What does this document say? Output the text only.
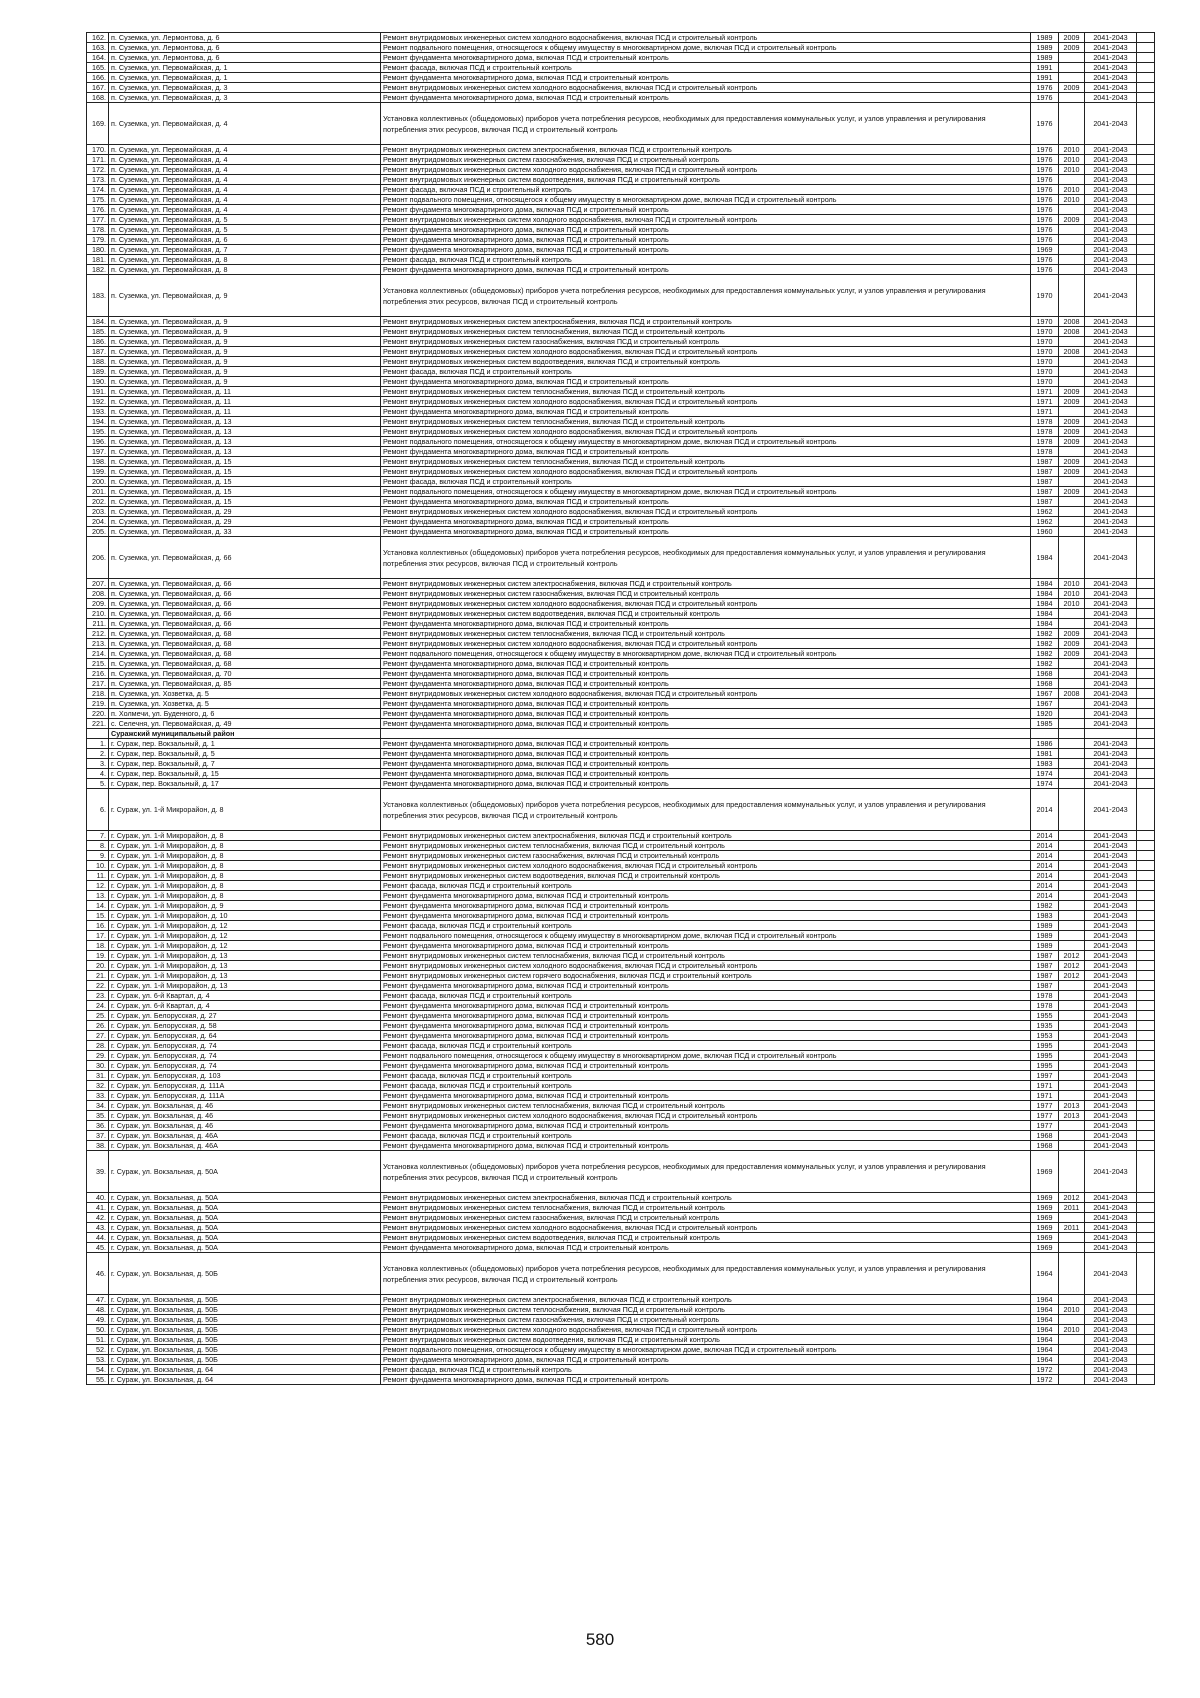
162.	п. Суземка, ул. Лермонтова, д. 6	Ремонт внутридомовых инженерных систем холодного водоснабжения, включая ПСД и строительный контроль	1989	2009	2041-2043	
163.	п. Суземка, ул. Лермонтова, д. 6	Ремонт подвального помещения, относящегося к общему имуществу в многоквартирном доме, включая ПСД и строительный контроль	1989	2009	2041-2043	
164.	п. Суземка, ул. Лермонтова, д. 6	Ремонт фундамента многоквартирного дома, включая ПСД и строительный контроль	1989		2041-2043	
165.	п. Суземка, ул. Первомайская, д. 1	Ремонт фасада, включая ПСД и строительный контроль	1991		2041-2043	
166.	п. Суземка, ул. Первомайская, д. 1	Ремонт фундамента многоквартирного дома, включая ПСД и строительный контроль	1991		2041-2043	
167.	п. Суземка, ул. Первомайская, д. 3	Ремонт внутридомовых инженерных систем холодного водоснабжения, включая ПСД и строительный контроль	1976	2009	2041-2043	
168.	п. Суземка, ул. Первомайская, д. 3	Ремонт фундамента многоквартирного дома, включая ПСД и строительный контроль	1976		2041-2043	
169.	п. Суземка, ул. Первомайская, д. 4	Установка коллективных (общедомовых) приборов учета потребления ресурсов, необходимых для предоставления коммунальных услуг, и узлов управления и регулирования потребления этих ресурсов, включая ПСД и строительный контроль	1976		2041-2043	
170.	п. Суземка, ул. Первомайская, д. 4	Ремонт внутридомовых инженерных систем электроснабжения, включая ПСД и строительный контроль	1976	2010	2041-2043	
171.	п. Суземка, ул. Первомайская, д. 4	Ремонт внутридомовых инженерных систем газоснабжения, включая ПСД и строительный контроль	1976	2010	2041-2043	
172.	п. Суземка, ул. Первомайская, д. 4	Ремонт внутридомовых инженерных систем холодного водоснабжения, включая ПСД и строительный контроль	1976	2010	2041-2043	
173.	п. Суземка, ул. Первомайская, д. 4	Ремонт внутридомовых инженерных систем водоотведения, включая ПСД и строительный контроль	1976		2041-2043	
174.	п. Суземка, ул. Первомайская, д. 4	Ремонт фасада, включая ПСД и строительный контроль	1976	2010	2041-2043	
175.	п. Суземка, ул. Первомайская, д. 4	Ремонт подвального помещения, относящегося к общему имуществу в многоквартирном доме, включая ПСД и строительный контроль	1976	2010	2041-2043	
176.	п. Суземка, ул. Первомайская, д. 4	Ремонт фундамента многоквартирного дома, включая ПСД и строительный контроль	1976		2041-2043	
177.	п. Суземка, ул. Первомайская, д. 5	Ремонт внутридомовых инженерных систем холодного водоснабжения, включая ПСД и строительный контроль	1976	2009	2041-2043	
178.	п. Суземка, ул. Первомайская, д. 5	Ремонт фундамента многоквартирного дома, включая ПСД и строительный контроль	1976		2041-2043	
179.	п. Суземка, ул. Первомайская, д. 6	Ремонт фундамента многоквартирного дома, включая ПСД и строительный контроль	1976		2041-2043	
180.	п. Суземка, ул. Первомайская, д. 7	Ремонт фундамента многоквартирного дома, включая ПСД и строительный контроль	1969		2041-2043	
181.	п. Суземка, ул. Первомайская, д. 8	Ремонт фасада, включая ПСД и строительный контроль	1976		2041-2043	
182.	п. Суземка, ул. Первомайская, д. 8	Ремонт фундамента многоквартирного дома, включая ПСД и строительный контроль	1976		2041-2043	
183.	п. Суземка, ул. Первомайская, д. 9	Установка коллективных (общедомовых) приборов учета потребления ресурсов, необходимых для предоставления коммунальных услуг, и узлов управления и регулирования потребления этих ресурсов, включая ПСД и строительный контроль	1970		2041-2043	
184.	п. Суземка, ул. Первомайская, д. 9	Ремонт внутридомовых инженерных систем электроснабжения, включая ПСД и строительный контроль	1970	2008	2041-2043	
185.	п. Суземка, ул. Первомайская, д. 9	Ремонт внутридомовых инженерных систем теплоснабжения, включая ПСД и строительный контроль	1970	2008	2041-2043	
186.	п. Суземка, ул. Первомайская, д. 9	Ремонт внутридомовых инженерных систем газоснабжения, включая ПСД и строительный контроль	1970		2041-2043	
187.	п. Суземка, ул. Первомайская, д. 9	Ремонт внутридомовых инженерных систем холодного водоснабжения, включая ПСД и строительный контроль	1970	2008	2041-2043	
188.	п. Суземка, ул. Первомайская, д. 9	Ремонт внутридомовых инженерных систем водоотведения, включая ПСД и строительный контроль	1970		2041-2043	
189.	п. Суземка, ул. Первомайская, д. 9	Ремонт фасада, включая ПСД и строительный контроль	1970		2041-2043	
190.	п. Суземка, ул. Первомайская, д. 9	Ремонт фундамента многоквартирного дома, включая ПСД и строительный контроль	1970		2041-2043	
191.	п. Суземка, ул. Первомайская, д. 11	Ремонт внутридомовых инженерных систем теплоснабжения, включая ПСД и строительный контроль	1971	2009	2041-2043	
192.	п. Суземка, ул. Первомайская, д. 11	Ремонт внутридомовых инженерных систем холодного водоснабжения, включая ПСД и строительный контроль	1971	2009	2041-2043	
193.	п. Суземка, ул. Первомайская, д. 11	Ремонт фундамента многоквартирного дома, включая ПСД и строительный контроль	1971		2041-2043	
194.	п. Суземка, ул. Первомайская, д. 13	Ремонт внутридомовых инженерных систем теплоснабжения, включая ПСД и строительный контроль	1978	2009	2041-2043	
195.	п. Суземка, ул. Первомайская, д. 13	Ремонт внутридомовых инженерных систем холодного водоснабжения, включая ПСД и строительный контроль	1978	2009	2041-2043	
196.	п. Суземка, ул. Первомайская, д. 13	Ремонт подвального помещения, относящегося к общему имуществу в многоквартирном доме, включая ПСД и строительный контроль	1978	2009	2041-2043	
197.	п. Суземка, ул. Первомайская, д. 13	Ремонт фундамента многоквартирного дома, включая ПСД и строительный контроль	1978		2041-2043	
198.	п. Суземка, ул. Первомайская, д. 15	Ремонт внутридомовых инженерных систем теплоснабжения, включая ПСД и строительный контроль	1987	2009	2041-2043	
199.	п. Суземка, ул. Первомайская, д. 15	Ремонт внутридомовых инженерных систем холодного водоснабжения, включая ПСД и строительный контроль	1987	2009	2041-2043	
200.	п. Суземка, ул. Первомайская, д. 15	Ремонт фасада, включая ПСД и строительный контроль	1987		2041-2043	
201.	п. Суземка, ул. Первомайская, д. 15	Ремонт подвального помещения, относящегося к общему имуществу в многоквартирном доме, включая ПСД и строительный контроль	1987	2009	2041-2043	
202.	п. Суземка, ул. Первомайская, д. 15	Ремонт фундамента многоквартирного дома, включая ПСД и строительный контроль	1987		2041-2043	
203.	п. Суземка, ул. Первомайская, д. 29	Ремонт внутридомовых инженерных систем холодного водоснабжения, включая ПСД и строительный контроль	1962		2041-2043	
204.	п. Суземка, ул. Первомайская, д. 29	Ремонт фундамента многоквартирного дома, включая ПСД и строительный контроль	1962		2041-2043	
205.	п. Суземка, ул. Первомайская, д. 33	Ремонт фундамента многоквартирного дома, включая ПСД и строительный контроль	1960		2041-2043	
206.	п. Суземка, ул. Первомайская, д. 66	Установка коллективных (общедомовых) приборов учета потребления ресурсов, необходимых для предоставления коммунальных услуг, и узлов управления и регулирования потребления этих ресурсов, включая ПСД и строительный контроль	1984		2041-2043	
207.	п. Суземка, ул. Первомайская, д. 66	Ремонт внутридомовых инженерных систем электроснабжения, включая ПСД и строительный контроль	1984	2010	2041-2043	
208.	п. Суземка, ул. Первомайская, д. 66	Ремонт внутридомовых инженерных систем газоснабжения, включая ПСД и строительный контроль	1984	2010	2041-2043	
209.	п. Суземка, ул. Первомайская, д. 66	Ремонт внутридомовых инженерных систем холодного водоснабжения, включая ПСД и строительный контроль	1984	2010	2041-2043	
210.	п. Суземка, ул. Первомайская, д. 66	Ремонт внутридомовых инженерных систем водоотведения, включая ПСД и строительный контроль	1984		2041-2043	
211.	п. Суземка, ул. Первомайская, д. 66	Ремонт фундамента многоквартирного дома, включая ПСД и строительный контроль	1984		2041-2043	
212.	п. Суземка, ул. Первомайская, д. 68	Ремонт внутридомовых инженерных систем теплоснабжения, включая ПСД и строительный контроль	1982	2009	2041-2043	
213.	п. Суземка, ул. Первомайская, д. 68	Ремонт внутридомовых инженерных систем холодного водоснабжения, включая ПСД и строительный контроль	1982	2009	2041-2043	
214.	п. Суземка, ул. Первомайская, д. 68	Ремонт подвального помещения, относящегося к общему имуществу в многоквартирном доме, включая ПСД и строительный контроль	1982	2009	2041-2043	
215.	п. Суземка, ул. Первомайская, д. 68	Ремонт фундамента многоквартирного дома, включая ПСД и строительный контроль	1982		2041-2043	
216.	п. Суземка, ул. Первомайская, д. 70	Ремонт фундамента многоквартирного дома, включая ПСД и строительный контроль	1968		2041-2043	
217.	п. Суземка, ул. Первомайская, д. 85	Ремонт фундамента многоквартирного дома, включая ПСД и строительный контроль	1968		2041-2043	
218.	п. Суземка, ул. Хозветка, д. 5	Ремонт внутридомовых инженерных систем холодного водоснабжения, включая ПСД и строительный контроль	1967	2008	2041-2043	
219.	п. Суземка, ул. Хозветка, д. 5	Ремонт фундамента многоквартирного дома, включая ПСД и строительный контроль	1967		2041-2043	
220.	п. Холмечи, ул. Буденного, д. 6	Ремонт фундамента многоквартирного дома, включая ПСД и строительный контроль	1920		2041-2043	
221.	с. Селечня, ул. Первомайская, д. 49	Ремонт фундамента многоквартирного дома, включая ПСД и строительный контроль	1985		2041-2043	
	Суражский муниципальный район					
1.	г. Сураж, пер. Вокзальный, д. 1	Ремонт фундамента многоквартирного дома, включая ПСД и строительный контроль	1986		2041-2043	
2.	г. Сураж, пер. Вокзальный, д. 5	Ремонт фундамента многоквартирного дома, включая ПСД и строительный контроль	1981		2041-2043	
3.	г. Сураж, пер. Вокзальный, д. 7	Ремонт фундамента многоквартирного дома, включая ПСД и строительный контроль	1983		2041-2043	
4.	г. Сураж, пер. Вокзальный, д. 15	Ремонт фундамента многоквартирного дома, включая ПСД и строительный контроль	1974		2041-2043	
5.	г. Сураж, пер. Вокзальный, д. 17	Ремонт фундамента многоквартирного дома, включая ПСД и строительный контроль	1974		2041-2043	
6.	г. Сураж, ул. 1-й Микрорайон, д. 8	Установка коллективных (общедомовых) приборов учета потребления ресурсов, необходимых для предоставления коммунальных услуг, и узлов управления и регулирования потребления этих ресурсов, включая ПСД и строительный контроль	2014		2041-2043	
7.	г. Сураж, ул. 1-й Микрорайон, д. 8	Ремонт внутридомовых инженерных систем электроснабжения, включая ПСД и строительный контроль	2014		2041-2043	
8.	г. Сураж, ул. 1-й Микрорайон, д. 8	Ремонт внутридомовых инженерных систем теплоснабжения, включая ПСД и строительный контроль	2014		2041-2043	
9.	г. Сураж, ул. 1-й Микрорайон, д. 8	Ремонт внутридомовых инженерных систем газоснабжения, включая ПСД и строительный контроль	2014		2041-2043	
10.	г. Сураж, ул. 1-й Микрорайон, д. 8	Ремонт внутридомовых инженерных систем холодного водоснабжения, включая ПСД и строительный контроль	2014		2041-2043	
11.	г. Сураж, ул. 1-й Микрорайон, д. 8	Ремонт внутридомовых инженерных систем водоотведения, включая ПСД и строительный контроль	2014		2041-2043	
12.	г. Сураж, ул. 1-й Микрорайон, д. 8	Ремонт фасада, включая ПСД и строительный контроль	2014		2041-2043	
13.	г. Сураж, ул. 1-й Микрорайон, д. 8	Ремонт фундамента многоквартирного дома, включая ПСД и строительный контроль	2014		2041-2043	
14.	г. Сураж, ул. 1-й Микрорайон, д. 9	Ремонт фундамента многоквартирного дома, включая ПСД и строительный контроль	1982		2041-2043	
15.	г. Сураж, ул. 1-й Микрорайон, д. 10	Ремонт фундамента многоквартирного дома, включая ПСД и строительный контроль	1983		2041-2043	
16.	г. Сураж, ул. 1-й Микрорайон, д. 12	Ремонт фасада, включая ПСД и строительный контроль	1989		2041-2043	
17.	г. Сураж, ул. 1-й Микрорайон, д. 12	Ремонт подвального помещения, относящегося к общему имуществу в многоквартирном доме, включая ПСД и строительный контроль	1989		2041-2043	
18.	г. Сураж, ул. 1-й Микрорайон, д. 12	Ремонт фундамента многоквартирного дома, включая ПСД и строительный контроль	1989		2041-2043	
19.	г. Сураж, ул. 1-й Микрорайон, д. 13	Ремонт внутридомовых инженерных систем теплоснабжения, включая ПСД и строительный контроль	1987	2012	2041-2043	
20.	г. Сураж, ул. 1-й Микрорайон, д. 13	Ремонт внутридомовых инженерных систем холодного водоснабжения, включая ПСД и строительный контроль	1987	2012	2041-2043	
21.	г. Сураж, ул. 1-й Микрорайон, д. 13	Ремонт внутридомовых инженерных систем горячего водоснабжения, включая ПСД и строительный контроль	1987	2012	2041-2043	
22.	г. Сураж, ул. 1-й Микрорайон, д. 13	Ремонт фундамента многоквартирного дома, включая ПСД и строительный контроль	1987		2041-2043	
23.	г. Сураж, ул. 6-й Квартал, д. 4	Ремонт фасада, включая ПСД и строительный контроль	1978		2041-2043	
24.	г. Сураж, ул. 6-й Квартал, д. 4	Ремонт фундамента многоквартирного дома, включая ПСД и строительный контроль	1978		2041-2043	
25.	г. Сураж, ул. Белорусская, д. 27	Ремонт фундамента многоквартирного дома, включая ПСД и строительный контроль	1955		2041-2043	
26.	г. Сураж, ул. Белорусская, д. 58	Ремонт фундамента многоквартирного дома, включая ПСД и строительный контроль	1935		2041-2043	
27.	г. Сураж, ул. Белорусская, д. 64	Ремонт фундамента многоквартирного дома, включая ПСД и строительный контроль	1953		2041-2043	
28.	г. Сураж, ул. Белорусская, д. 74	Ремонт фасада, включая ПСД и строительный контроль	1995		2041-2043	
29.	г. Сураж, ул. Белорусская, д. 74	Ремонт подвального помещения, относящегося к общему имуществу в многоквартирном доме, включая ПСД и строительный контроль	1995		2041-2043	
30.	г. Сураж, ул. Белорусская, д. 74	Ремонт фундамента многоквартирного дома, включая ПСД и строительный контроль	1995		2041-2043	
31.	г. Сураж, ул. Белорусская, д. 103	Ремонт фасада, включая ПСД и строительный контроль	1997		2041-2043	
32.	г. Сураж, ул. Белорусская, д. 111А	Ремонт фасада, включая ПСД и строительный контроль	1971		2041-2043	
33.	г. Сураж, ул. Белорусская, д. 111А	Ремонт фундамента многоквартирного дома, включая ПСД и строительный контроль	1971		2041-2043	
34.	г. Сураж, ул. Вокзальная, д. 46	Ремонт внутридомовых инженерных систем теплоснабжения, включая ПСД и строительный контроль	1977	2013	2041-2043	
35.	г. Сураж, ул. Вокзальная, д. 46	Ремонт внутридомовых инженерных систем холодного водоснабжения, включая ПСД и строительный контроль	1977	2013	2041-2043	
36.	г. Сураж, ул. Вокзальная, д. 46	Ремонт фундамента многоквартирного дома, включая ПСД и строительный контроль	1977		2041-2043	
37.	г. Сураж, ул. Вокзальная, д. 46А	Ремонт фасада, включая ПСД и строительный контроль	1968		2041-2043	
38.	г. Сураж, ул. Вокзальная, д. 46А	Ремонт фундамента многоквартирного дома, включая ПСД и строительный контроль	1968		2041-2043	
39.	г. Сураж, ул. Вокзальная, д. 50А	Установка коллективных (общедомовых) приборов учета потребления ресурсов, необходимых для предоставления коммунальных услуг, и узлов управления и регулирования потребления этих ресурсов, включая ПСД и строительный контроль	1969		2041-2043	
40.	г. Сураж, ул. Вокзальная, д. 50А	Ремонт внутридомовых инженерных систем электроснабжения, включая ПСД и строительный контроль	1969	2012	2041-2043	
41.	г. Сураж, ул. Вокзальная, д. 50А	Ремонт внутридомовых инженерных систем теплоснабжения, включая ПСД и строительный контроль	1969	2011	2041-2043	
42.	г. Сураж, ул. Вокзальная, д. 50А	Ремонт внутридомовых инженерных систем газоснабжения, включая ПСД и строительный контроль	1969		2041-2043	
43.	г. Сураж, ул. Вокзальная, д. 50А	Ремонт внутридомовых инженерных систем холодного водоснабжения, включая ПСД и строительный контроль	1969	2011	2041-2043	
44.	г. Сураж, ул. Вокзальная, д. 50А	Ремонт внутридомовых инженерных систем водоотведения, включая ПСД и строительный контроль	1969		2041-2043	
45.	г. Сураж, ул. Вокзальная, д. 50А	Ремонт фундамента многоквартирного дома, включая ПСД и строительный контроль	1969		2041-2043	
46.	г. Сураж, ул. Вокзальная, д. 50Б	Установка коллективных (общедомовых) приборов учета потребления ресурсов, необходимых для предоставления коммунальных услуг, и узлов управления и регулирования потребления этих ресурсов, включая ПСД и строительный контроль	1964		2041-2043	
47.	г. Сураж, ул. Вокзальная, д. 50Б	Ремонт внутридомовых инженерных систем электроснабжения, включая ПСД и строительный контроль	1964		2041-2043	
48.	г. Сураж, ул. Вокзальная, д. 50Б	Ремонт внутридомовых инженерных систем теплоснабжения, включая ПСД и строительный контроль	1964	2010	2041-2043	
49.	г. Сураж, ул. Вокзальная, д. 50Б	Ремонт внутридомовых инженерных систем газоснабжения, включая ПСД и строительный контроль	1964		2041-2043	
50.	г. Сураж, ул. Вокзальная, д. 50Б	Ремонт внутридомовых инженерных систем холодного водоснабжения, включая ПСД и строительный контроль	1964	2010	2041-2043	
51.	г. Сураж, ул. Вокзальная, д. 50Б	Ремонт внутридомовых инженерных систем водоотведения, включая ПСД и строительный контроль	1964		2041-2043	
52.	г. Сураж, ул. Вокзальная, д. 50Б	Ремонт подвального помещения, относящегося к общему имуществу в многоквартирном доме, включая ПСД и строительный контроль	1964		2041-2043	
53.	г. Сураж, ул. Вокзальная, д. 50Б	Ремонт фундамента многоквартирного дома, включая ПСД и строительный контроль	1964		2041-2043	
54.	г. Сураж, ул. Вокзальная, д. 64	Ремонт фасада, включая ПСД и строительный контроль	1972		2041-2043	
55.	г. Сураж, ул. Вокзальная, д. 64	Ремонт фундамента многоквартирного дома, включая ПСД и строительный контроль	1972		2041-2043	
580
